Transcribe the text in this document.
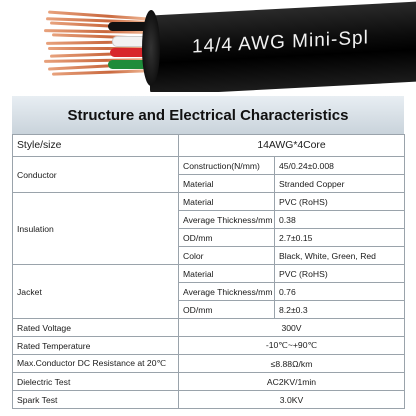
14/4 AWG Mini-Spl
Structure and Electrical Characteristics
Style/size	14AWG*4Core	
Conductor	Construction(N/mm)	45/0.24±0.008
	Material	Stranded Copper
Insulation	Material	PVC (RoHS)
	Average Thickness/mm	0.38
	OD/mm	2.7±0.15
	Color	Black, White, Green, Red
Jacket	Material	PVC (RoHS)
	Average Thickness/mm	0.76
	OD/mm	8.2±0.3
Rated Voltage	300V	
Rated Temperature	-10℃~+90℃	
Max.Conductor DC Resistance at 20℃	≤8.88Ω/km	
Dielectric Test	AC2KV/1min	
Spark Test	3.0KV	
